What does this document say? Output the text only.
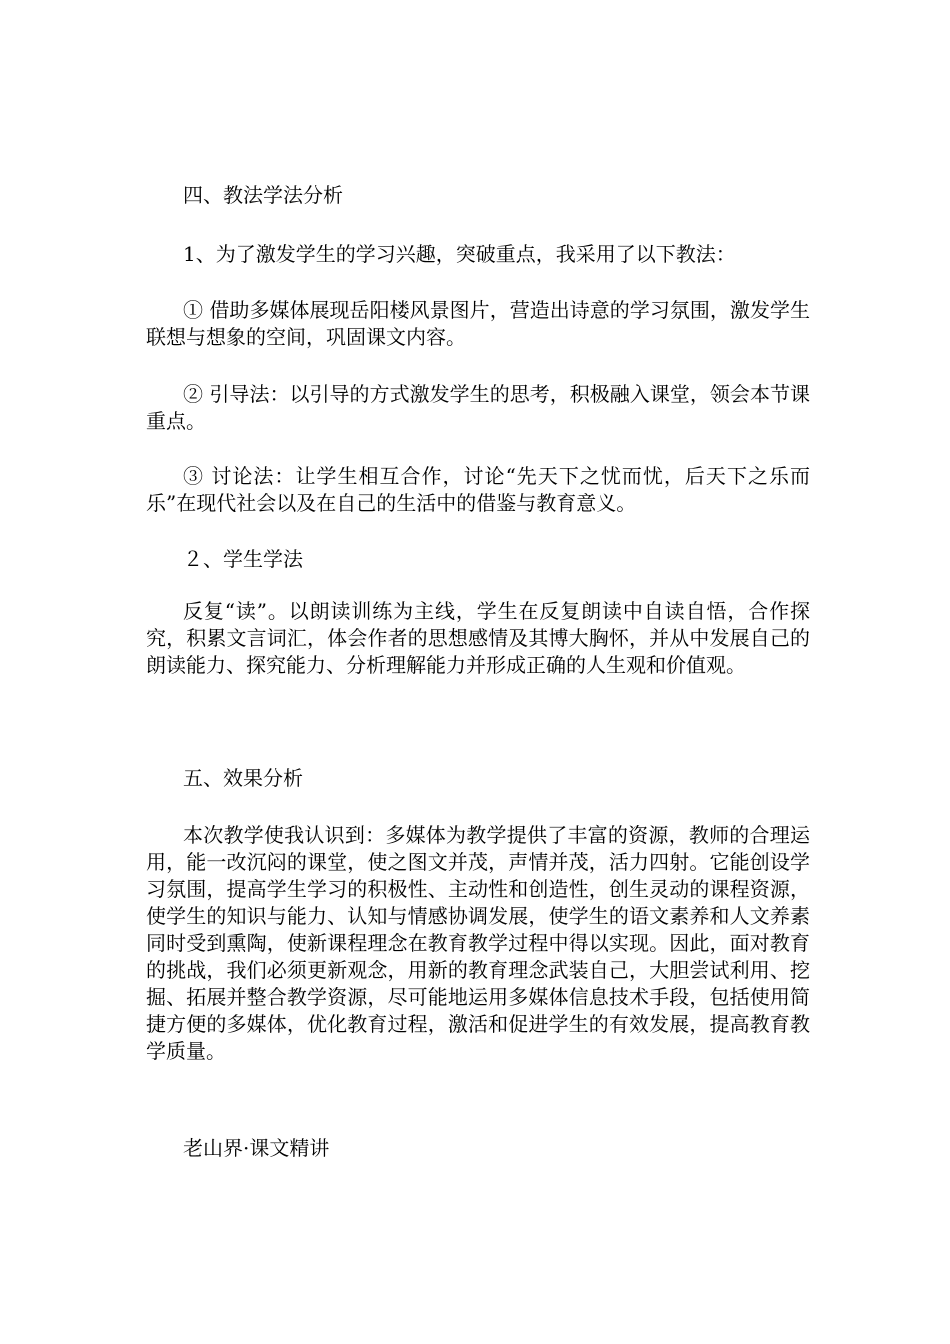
四、教法学法分析

1、为了激发学生的学习兴趣，突破重点，我采用了以下教法：

① 借助多媒体展现岳阳楼风景图片，营造出诗意的学习氛围，激发学生联想与想象的空间，巩固课文内容。

② 引导法：以引导的方式激发学生的思考，积极融入课堂，领会本节课重点。

③ 讨论法：让学生相互合作，讨论“先天下之忧而忧，后天下之乐而乐”在现代社会以及在自己的生活中的借鉴与教育意义。

２、学生学法

反复“读”。以朗读训练为主线，学生在反复朗读中自读自悟，合作探究，积累文言词汇，体会作者的思想感情及其博大胸怀，并从中发展自己的朗读能力、探究能力、分析理解能力并形成正确的人生观和价值观。

五、效果分析

本次教学使我认识到：多媒体为教学提供了丰富的资源，教师的合理运用，能一改沉闷的课堂，使之图文并茂，声情并茂，活力四射。它能创设学习氛围，提高学生学习的积极性、主动性和创造性，创生灵动的课程资源，使学生的知识与能力、认知与情感协调发展，使学生的语文素养和人文养素同时受到熏陶，使新课程理念在教育教学过程中得以实现。因此，面对教育的挑战，我们必须更新观念，用新的教育理念武装自己，大胆尝试利用、挖掘、拓展并整合教学资源，尽可能地运用多媒体信息技术手段，包括使用简捷方便的多媒体，优化教育过程，激活和促进学生的有效发展，提高教育教学质量。

老山界·课文精讲
